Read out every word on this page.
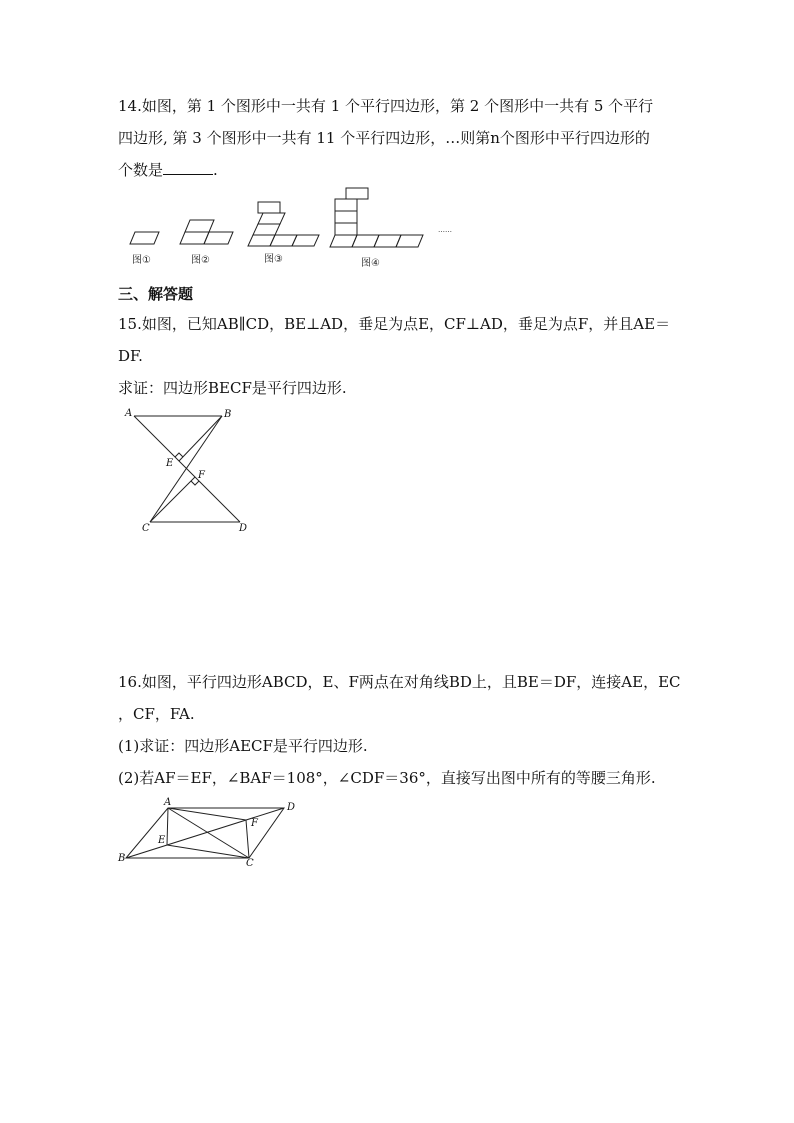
14.如图，第 1 个图形中一共有 1 个平行四边形，第 2 个图形中一共有 5 个平行
四边形, 第 3 个图形中一共有 11 个平行四边形，…则第n个图形中平行四边形的
个数是	.
图①	图②	图③	图④
……
三、解答题
15.如图，已知AB∥CD，BE⊥AD，垂足为点E，CF⊥AD，垂足为点F，并且AE＝
DF.
求证：四边形BECF是平行四边形.
A	B
C	D
E
F
16.如图，平行四边形ABCD，E、F两点在对角线BD上，且BE＝DF，连接AE，EC
，CF，FA.
(1)求证：四边形AECF是平行四边形.
(2)若AF＝EF，∠BAF＝108°，∠CDF＝36°，直接写出图中所有的等腰三角形.
A
B	C
D
E
F
